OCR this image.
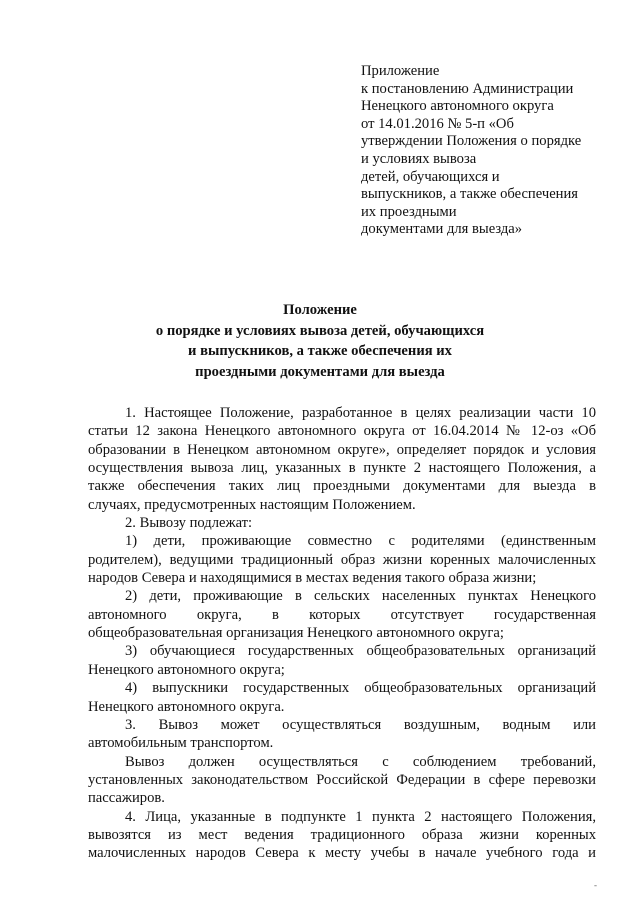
Приложение
к постановлению Администрации
Ненецкого автономного округа
от 14.01.2016 № 5-п «Об
утверждении Положения о порядке
и условиях вывоза
детей, обучающихся и
выпускников, а также обеспечения
их проездными
документами для выезда»
Положение
о порядке и условиях вывоза детей, обучающихся
и выпускников, а также обеспечения их
проездными документами для выезда
1. Настоящее Положение, разработанное в целях реализации части 10
статьи 12 закона Ненецкого автономного округа от 16.04.2014 № 12-оз «Об
образовании в Ненецком автономном округе», определяет порядок и условия
осуществления вывоза лиц, указанных в пункте 2 настоящего Положения, а
также обеспечения таких лиц проездными документами для выезда в
случаях, предусмотренных настоящим Положением.
2. Вывозу подлежат:
1) дети, проживающие совместно с родителями (единственным
родителем), ведущими традиционный образ жизни коренных малочисленных
народов Севера и находящимися в местах ведения такого образа жизни;
2) дети, проживающие в сельских населенных пунктах Ненецкого
автономного округа, в которых отсутствует государственная
общеобразовательная организация Ненецкого автономного округа;
3) обучающиеся государственных общеобразовательных организаций
Ненецкого автономного округа;
4) выпускники государственных общеобразовательных организаций
Ненецкого автономного округа.
3. Вывоз может осуществляться воздушным, водным или
автомобильным транспортом.
Вывоз должен осуществляться с соблюдением требований,
установленных законодательством Российской Федерации в сфере перевозки
пассажиров.
4. Лица, указанные в подпункте 1 пункта 2 настоящего Положения,
вывозятся из мест ведения традиционного образа жизни коренных
малочисленных народов Севера к месту учебы в начале учебного года и
-
